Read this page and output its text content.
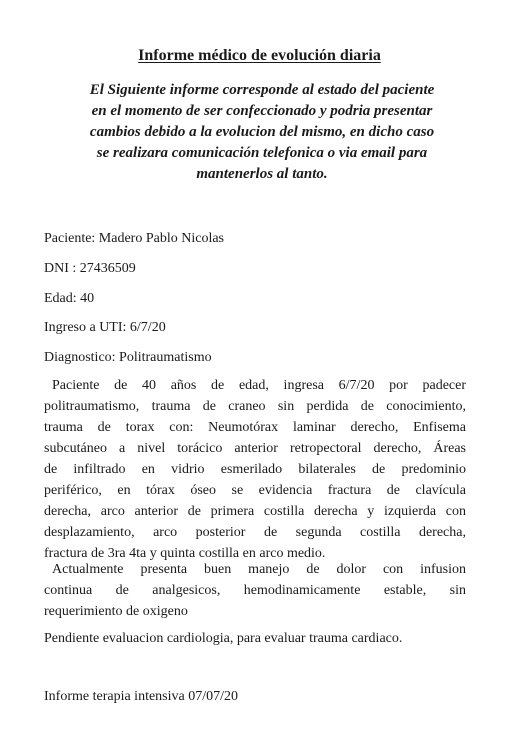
Informe médico de evolución diaria
El Siguiente informe corresponde al estado del paciente
en el momento de ser confeccionado y podria presentar
cambios debido a la evolucion del mismo, en dicho caso
se realizara comunicación telefonica o via email para
mantenerlos al tanto.
Paciente: Madero Pablo Nicolas
DNI : 27436509
Edad: 40
Ingreso a UTI: 6/7/20
Diagnostico: Politraumatismo
Paciente de 40 años de edad, ingresa 6/7/20 por padecer
politraumatismo, trauma de craneo sin perdida de conocimiento,
trauma de torax con: Neumotórax laminar derecho, Enfisema
subcutáneo a nivel torácico anterior retropectoral derecho, Áreas
de infiltrado en vidrio esmerilado bilaterales de predominio
periférico, en tórax óseo se evidencia fractura de clavícula
derecha, arco anterior de primera costilla derecha y izquierda con
desplazamiento, arco posterior de segunda costilla derecha,
fractura de 3ra 4ta y quinta costilla en arco medio.
Actualmente presenta buen manejo de dolor con infusion
continua de analgesicos, hemodinamicamente estable, sin
requerimiento de oxigeno
Pendiente evaluacion cardiologia, para evaluar trauma cardiaco.
Informe terapia intensiva 07/07/20
